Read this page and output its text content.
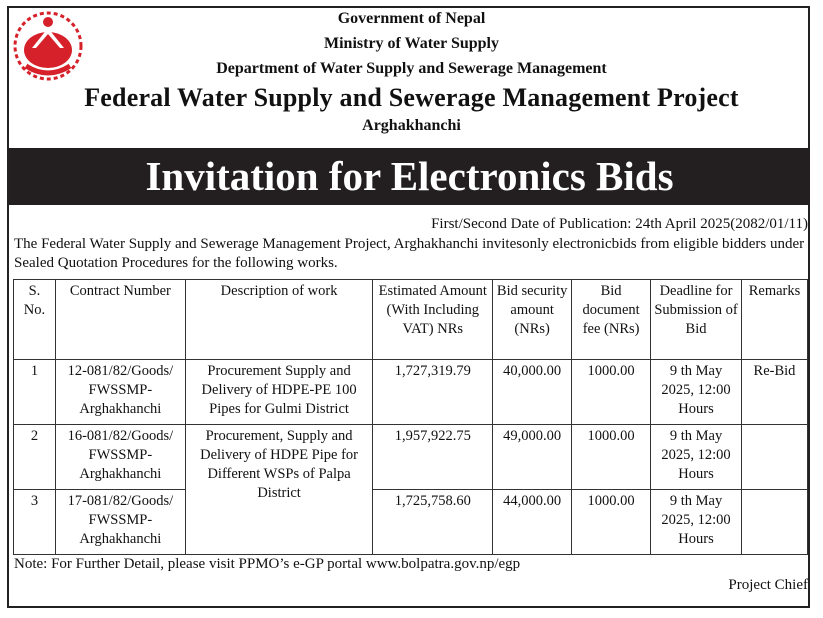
Government of Nepal
Ministry of Water Supply
Department of Water Supply and Sewerage Management
Federal Water Supply and Sewerage Management Project
Arghakhanchi
Invitation for Electronics Bids
First/Second Date of Publication: 24th April 2025(2082/01/11)
The Federal Water Supply and Sewerage Management Project, Arghakhanchi invitesonly electronicbids from eligible bidders under Sealed Quotation Procedures for the following works.
S. No.	Contract Number	Description of work	Estimated Amount (With Including VAT) NRs	Bid security amount (NRs)	Bid document fee (NRs)	Deadline for Submission of Bid	Remarks
1	12-081/82/Goods/ FWSSMP-Arghakhanchi	Procurement Supply and Delivery of HDPE-PE 100 Pipes for Gulmi District	1,727,319.79	40,000.00	1000.00	9 th May 2025, 12:00 Hours	Re-Bid
2	16-081/82/Goods/ FWSSMP-Arghakhanchi	Procurement, Supply and Delivery of HDPE Pipe for Different WSPs of Palpa District	1,957,922.75	49,000.00	1000.00	9 th May 2025, 12:00 Hours	
3	17-081/82/Goods/ FWSSMP-Arghakhanchi		1,725,758.60	44,000.00	1000.00	9 th May 2025, 12:00 Hours	
Note: For Further Detail, please visit PPMO’s e-GP portal www.bolpatra.gov.np/egp
Project Chief
